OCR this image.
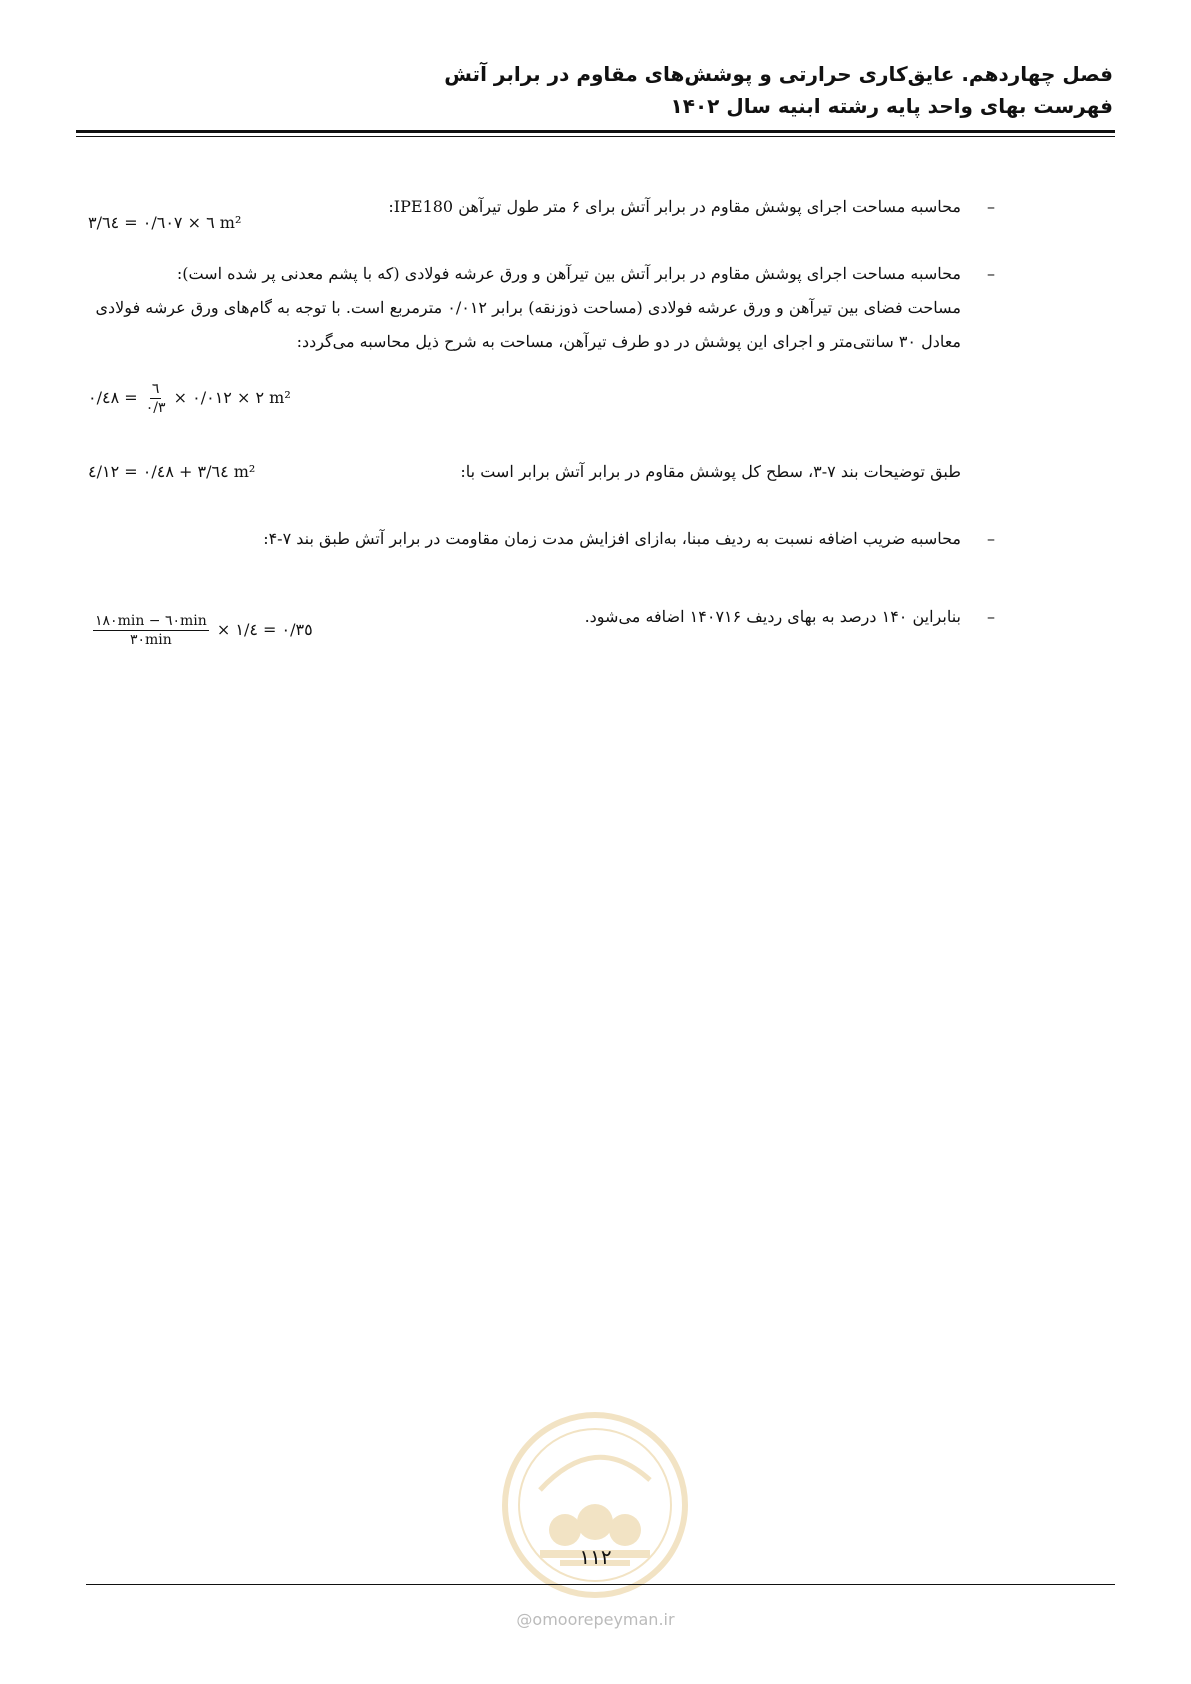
فصل چهاردهم. عایق‌کاری حرارتی و پوشش‌های مقاوم در برابر آتش
فهرست بهای واحد پایه رشته ابنیه سال ۱۴۰۲
– محاسبه مساحت اجرای پوشش مقاوم در برابر آتش برای ۶ متر طول تیرآهن IPE180:
٦ × ٠/٦٠٧ = ٣/٦٤ m²
– محاسبه مساحت اجرای پوشش مقاوم در برابر آتش بین تیرآهن و ورق عرشه فولادی (که با پشم معدنی پر شده است):
مساحت فضای بین تیرآهن و ورق عرشه فولادی (مساحت ذوزنقه) برابر ۰/۰۱۲ مترمربع است. با توجه به گام‌های ورق عرشه فولادی معادل ۳۰ سانتی‌متر و اجرای این پوشش در دو طرف تیرآهن، مساحت به شرح ذیل محاسبه می‌گردد:
٢ × ٠/٠١٢ ×
$\frac{٦}{٠/٣}$
= ٠/٤٨ m²
طبق توضیحات بند ۷-۳، سطح کل پوشش مقاوم در برابر آتش برابر است با:
٣/٦٤ + ٠/٤٨ = ٤/١٢ m²
– محاسبه ضریب اضافه نسبت به ردیف مبنا، به‌ازای افزایش مدت زمان مقاومت در برابر آتش طبق بند ۷-۴:
$\frac{١٨٠\min - ٦٠\min}{٣٠\min}$ × ٠/٣٥ = ١/٤
– بنابراین ۱۴۰ درصد به بهای ردیف ۱۴۰۷۱۶ اضافه می‌شود.
۱۱۲
@omoorepeyman.ir
